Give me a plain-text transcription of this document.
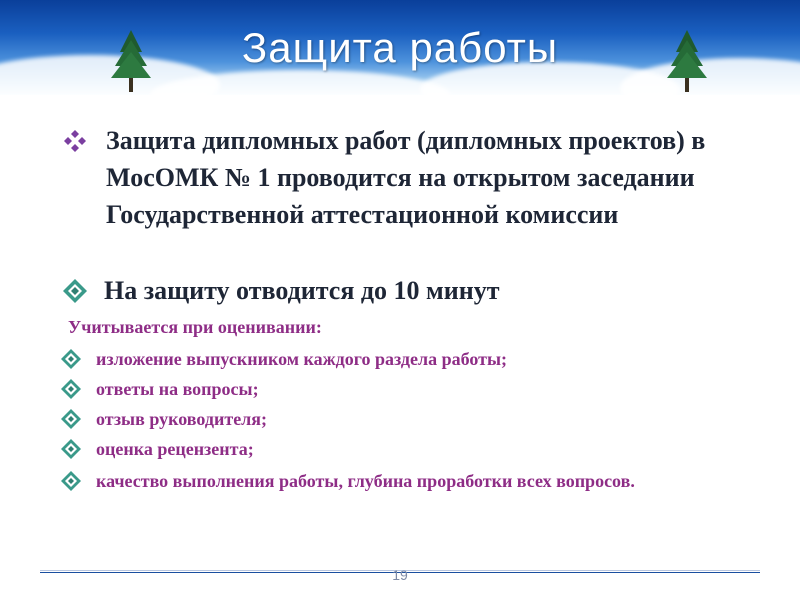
Защита работы
Защита дипломных работ (дипломных проектов) в МосОМК № 1 проводится на открытом заседании Государственной аттестационной комиссии
На защиту отводится до 10 минут
Учитывается при оценивании:
изложение выпускником каждого раздела работы;
ответы на вопросы;
отзыв руководителя;
оценка рецензента;
качество выполнения работы, глубина проработки всех вопросов.
19
